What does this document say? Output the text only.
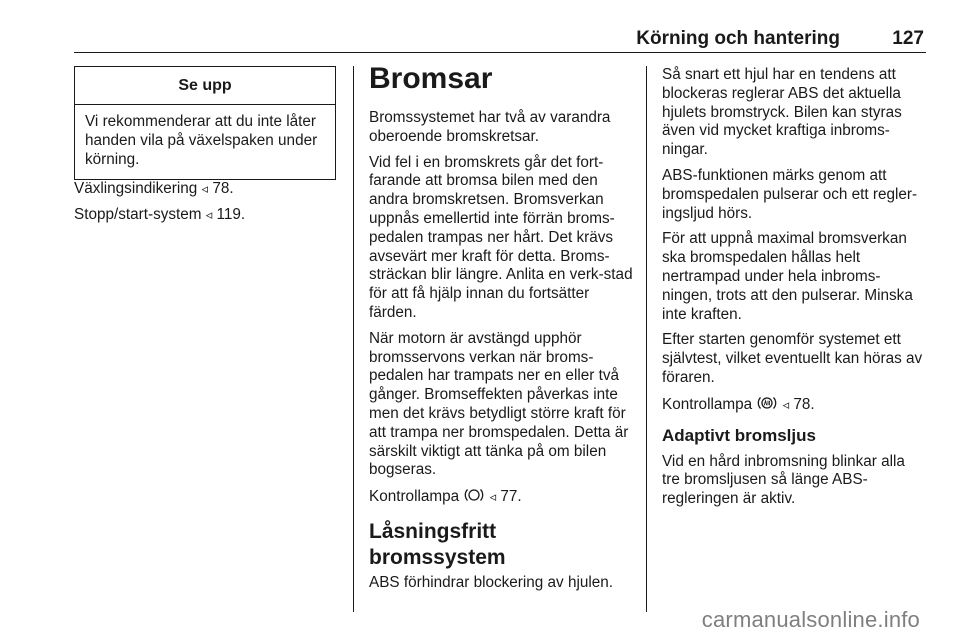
Körning och hantering	127
Se upp
Vi rekommenderar att du inte låter handen vila på växelspaken under körning.

Växlingsindikering ◃ 78.

Stopp/start-system ◃ 119.

Bromsar

Bromssystemet har två av varandra oberoende bromskretsar.

Vid fel i en bromskrets går det fort-farande att bromsa bilen med den andra bromskretsen. Bromsverkan uppnås emellertid inte förrän broms-pedalen trampas ner hårt. Det krävs avsevärt mer kraft för detta. Broms-sträckan blir längre. Anlita en verk-stad för att få hjälp innan du fortsätter färden.

När motorn är avstängd upphör bromsservons verkan när broms-pedalen har trampats ner en eller två gånger. Bromseffekten påverkas inte men det krävs betydligt större kraft för att trampa ner bromspedalen. Detta är särskilt viktigt att tänka på om bilen bogseras.

Kontrollampa ◃ 77.

Låsningsfritt bromssystem

ABS förhindrar blockering av hjulen.

Så snart ett hjul har en tendens att blockeras reglerar ABS det aktuella hjulets bromstryck. Bilen kan styras även vid mycket kraftiga inbroms-ningar.

ABS-funktionen märks genom att bromspedalen pulserar och ett regler-ingsljud hörs.

För att uppnå maximal bromsverkan ska bromspedalen hållas helt nertrampad under hela inbroms-ningen, trots att den pulserar. Minska inte kraften.

Efter starten genomför systemet ett självtest, vilket eventuellt kan höras av föraren.

Kontrollampa ◃ 78.

Adaptivt bromsljus

Vid en hård inbromsning blinkar alla tre bromsljusen så länge ABS-regleringen är aktiv.

carmanualsonline.info
